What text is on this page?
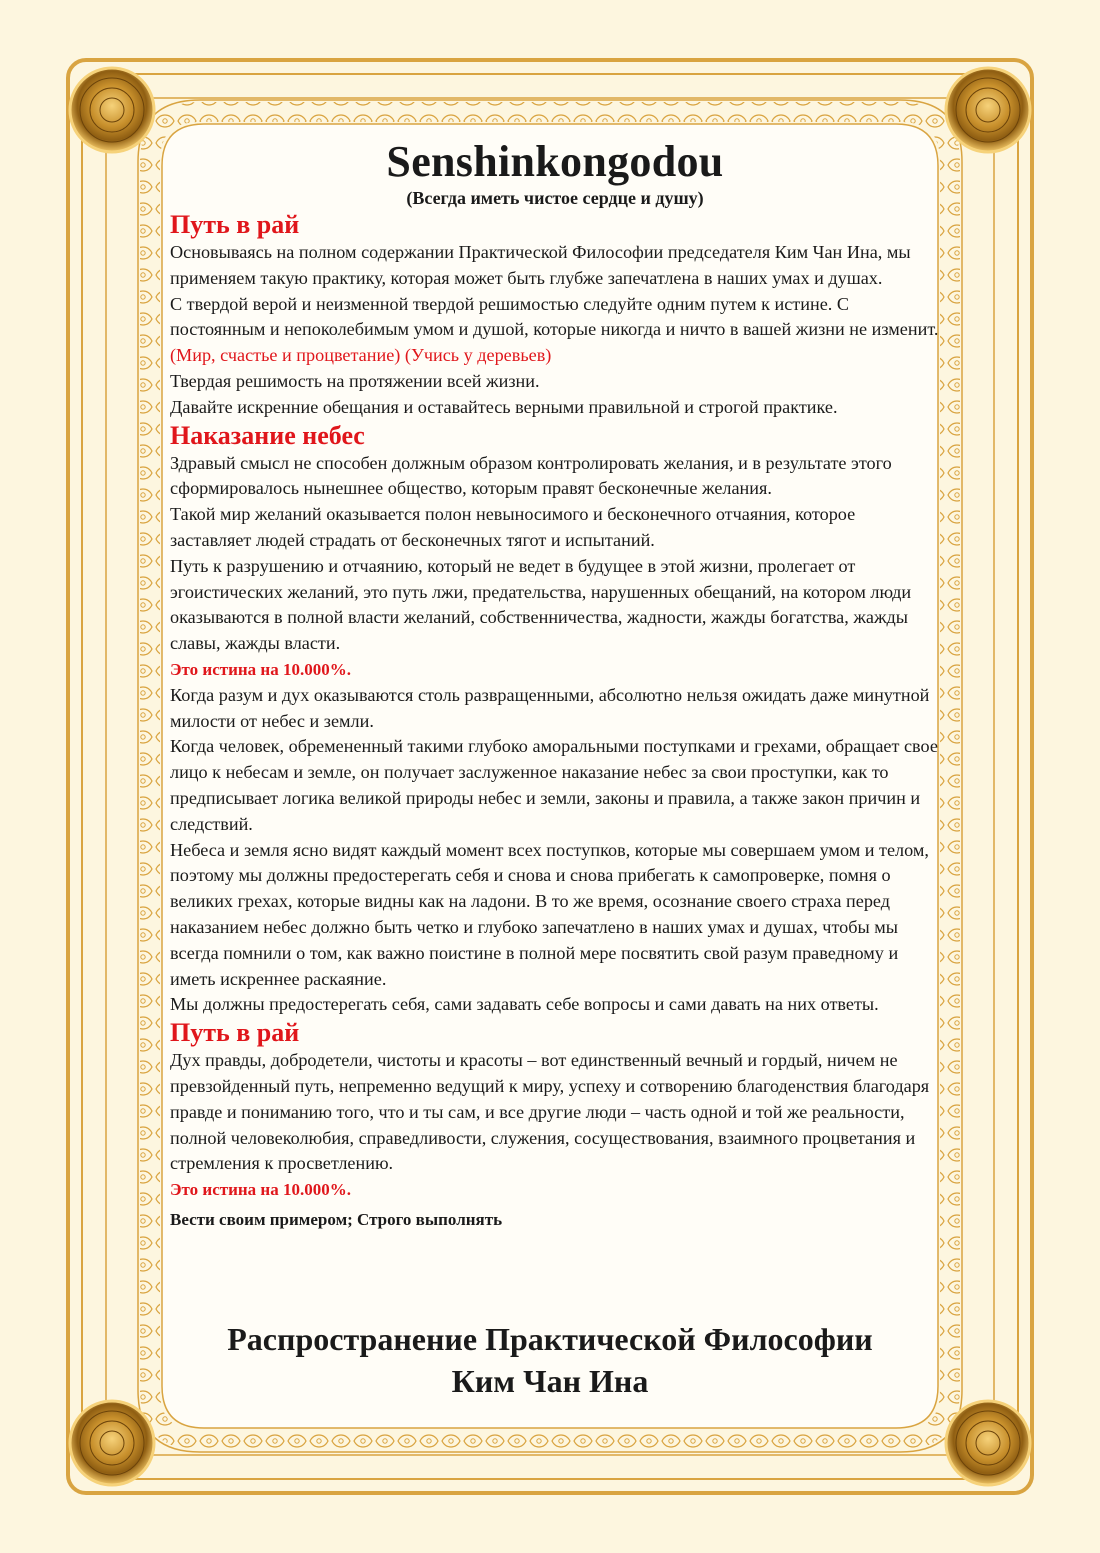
Senshinkongodou

(Всегда иметь чистое сердце и душу)

Путь в рай

Основываясь на полном содержании Практической Философии председателя Ким Чан Ина, мы применяем такую практику, которая может быть глубже запечатлена в наших умах и душах.

С твердой верой и неизменной твердой решимостью следуйте одним путем к истине. С постоянным и непоколебимым умом и душой, которые никогда и ничто в вашей жизни не изменит.

(Мир, счастье и процветание) (Учись у деревьев)

Твердая решимость на протяжении всей жизни.

Давайте искренние обещания и оставайтесь верными правильной и строгой практике.

Наказание небес

Здравый смысл не способен должным образом контролировать желания, и в результате этого сформировалось нынешнее общество, которым правят бесконечные желания.

Такой мир желаний оказывается полон невыносимого и бесконечного отчаяния, которое заставляет людей страдать от бесконечных тягот и испытаний.

Путь к разрушению и отчаянию, который не ведет в будущее в этой жизни, пролегает от эгоистических желаний, это путь лжи, предательства, нарушенных обещаний, на котором люди оказываются в полной власти желаний, собственничества, жадности, жажды богатства, жажды славы, жажды власти.

Это истина на 10.000%.

Когда разум и дух оказываются столь развращенными, абсолютно нельзя ожидать даже минутной милости от небес и земли.

Когда человек, обремененный такими глубоко аморальными поступками и грехами, обращает свое лицо к небесам и земле, он получает заслуженное наказание небес за свои проступки, как то предписывает логика великой природы небес и земли, законы и правила, а также закон причин и следствий.

Небеса и земля ясно видят каждый момент всех поступков, которые мы совершаем умом и телом, поэтому мы должны предостерегать себя и снова и снова прибегать к самопроверке, помня о великих грехах, которые видны как на ладони. В то же время, осознание своего страха перед наказанием небес должно быть четко и глубоко запечатлено в наших умах и душах, чтобы мы всегда помнили о том, как важно поистине в полной мере посвятить свой разум праведному и иметь искреннее раскаяние.

Мы должны предостерегать себя, сами задавать себе вопросы и сами давать на них ответы.

Путь в рай

Дух правды, добродетели, чистоты и красоты – вот единственный вечный и гордый, ничем не превзойденный путь, непременно ведущий к миру, успеху и сотворению благоденствия благодаря правде и пониманию того, что и ты сам, и все другие люди – часть одной и той же реальности, полной человеколюбия, справедливости, служения, сосуществования, взаимного процветания и стремления к просветлению.

Это истина на 10.000%.

Вести своим примером; Строго выполнять

Распространение Практической Философии
Ким Чан Ина
